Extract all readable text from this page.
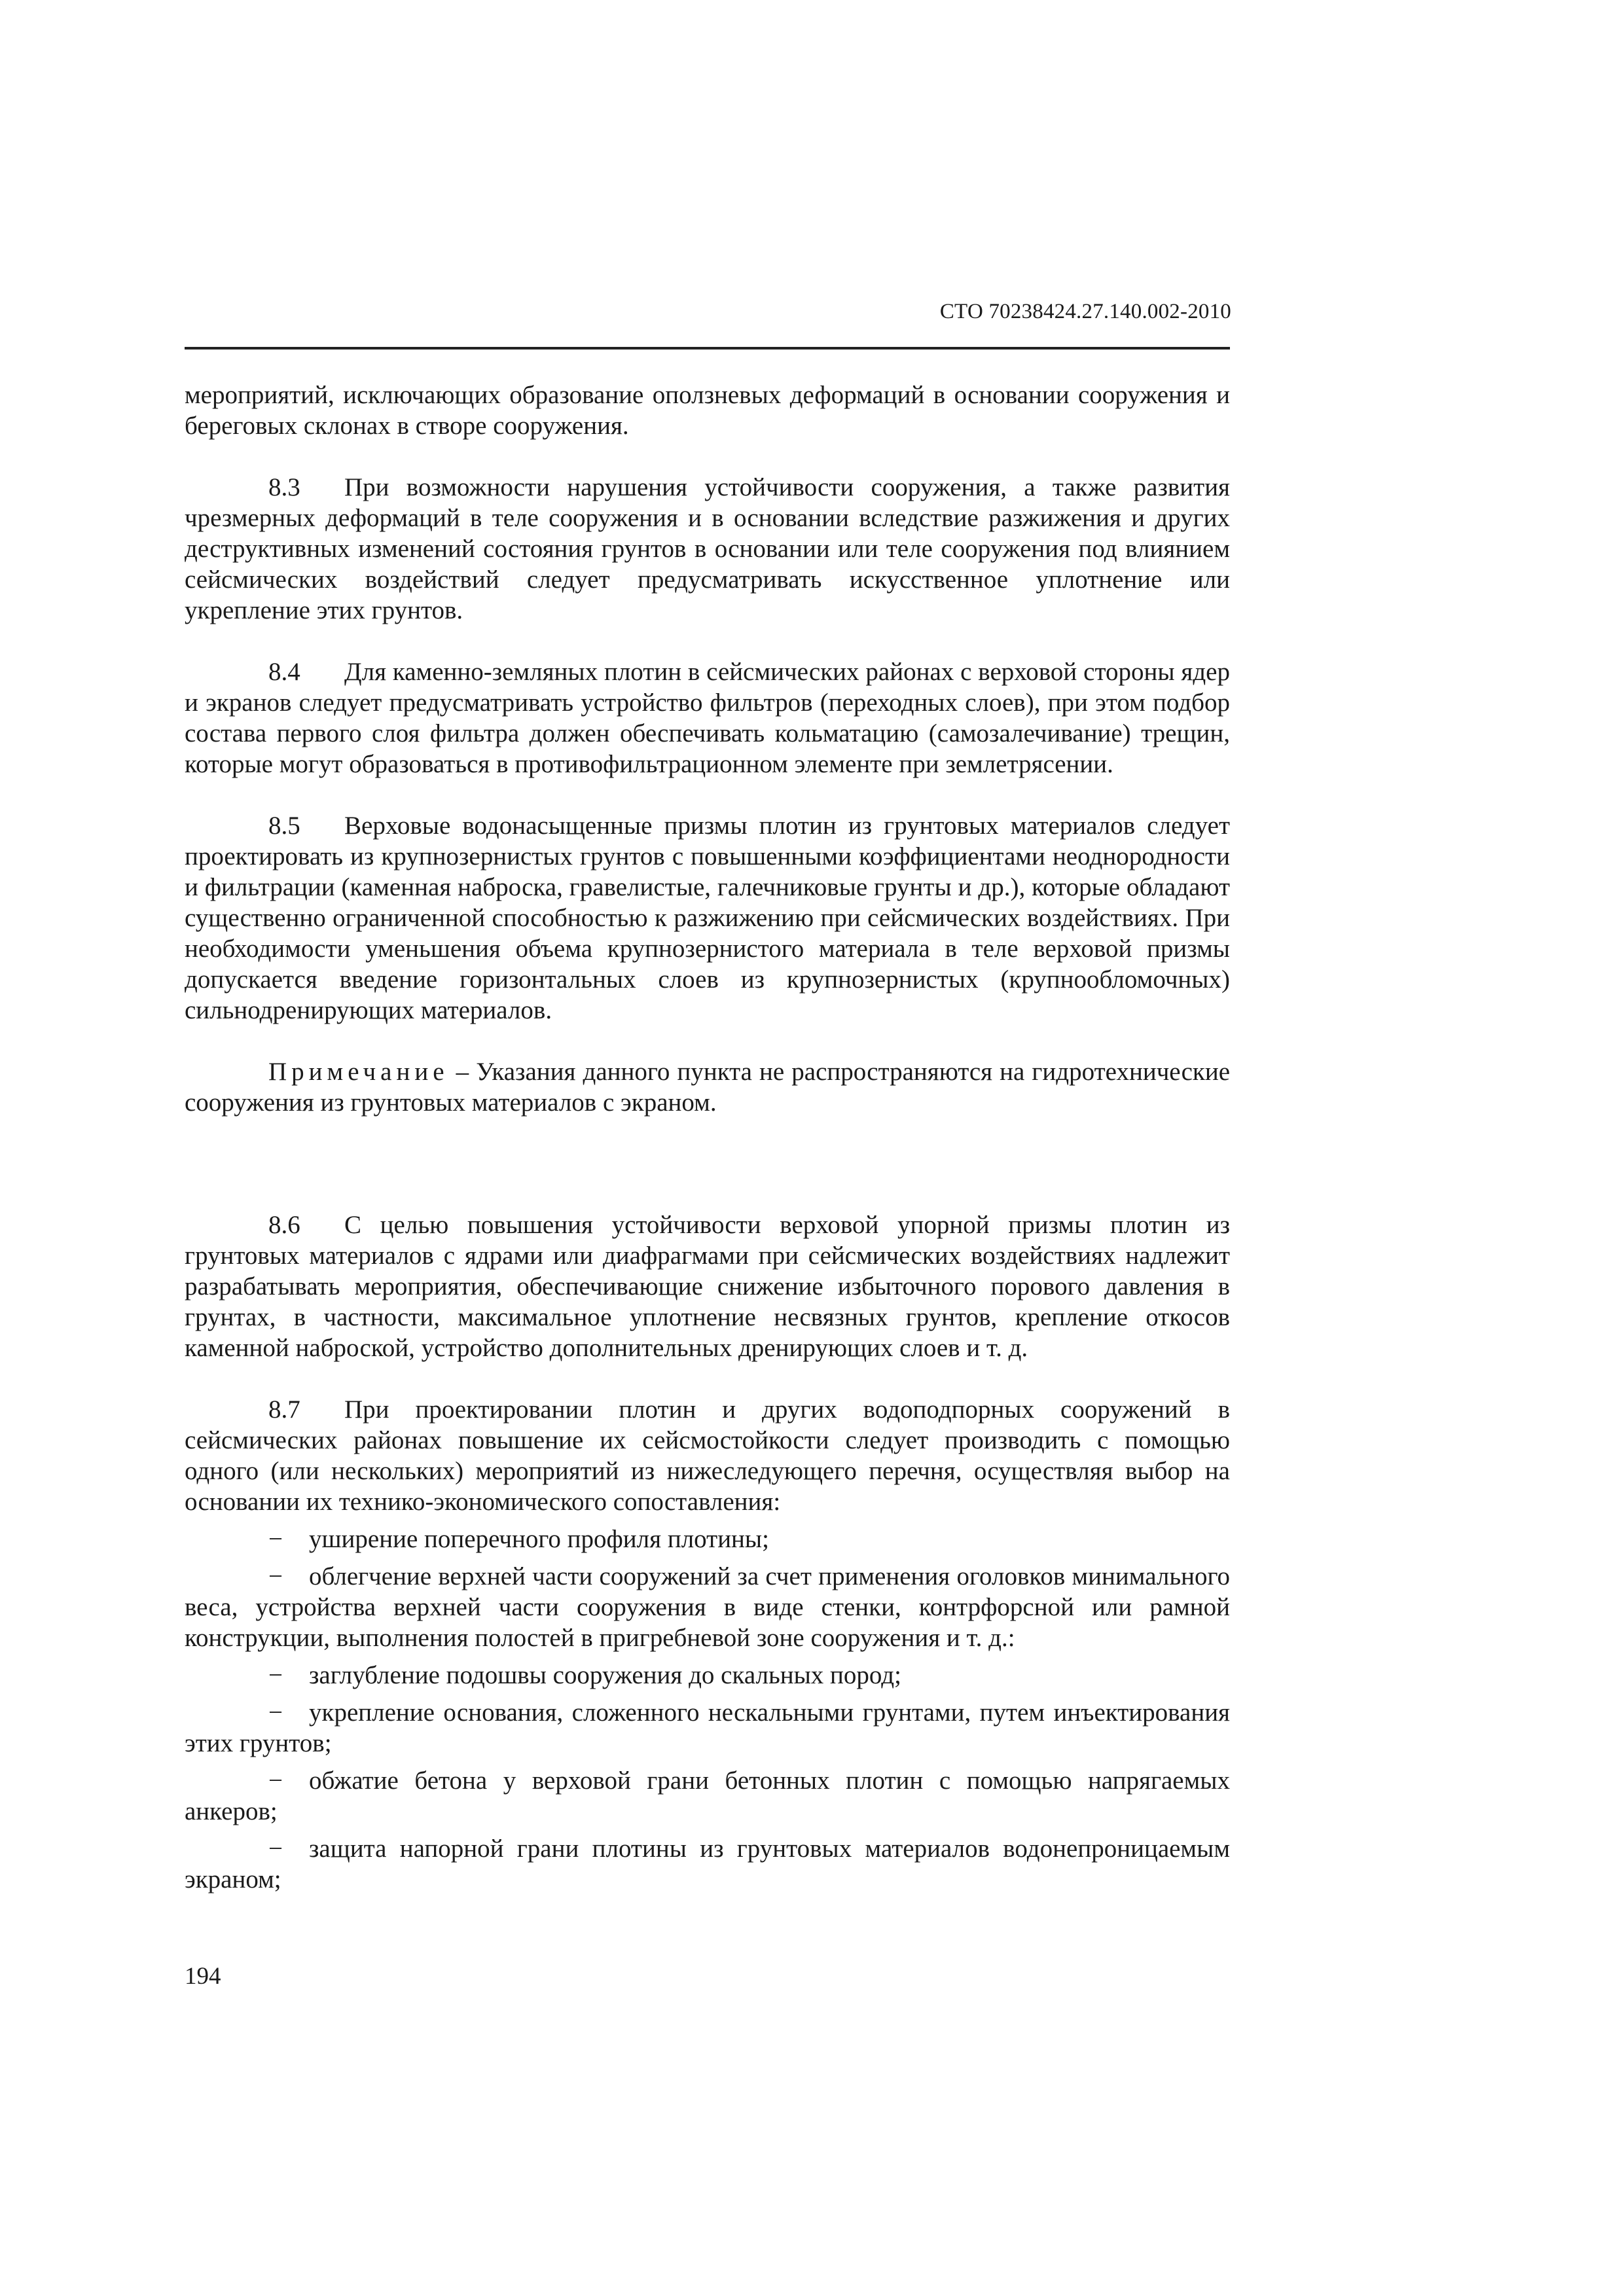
СТО 70238424.27.140.002-2010

мероприятий, исключающих образование оползневых деформаций в основании сооружения и береговых склонах в створе сооружения.

8.3 При возможности нарушения устойчивости сооружения, а также развития чрезмерных деформаций в теле сооружения и в основании вследствие разжижения и других деструктивных изменений состояния грунтов в основании или теле сооружения под влиянием сейсмических воздействий следует предусматривать искусственное уплотнение или укрепление этих грунтов.

8.4 Для каменно-земляных плотин в сейсмических районах с верховой стороны ядер и экранов следует предусматривать устройство фильтров (переходных слоев), при этом подбор состава первого слоя фильтра должен обеспечивать кольматацию (самозалечивание) трещин, которые могут образоваться в противофильтрационном элементе при землетрясении.

8.5 Верховые водонасыщенные призмы плотин из грунтовых материалов следует проектировать из крупнозернистых грунтов с повышенными коэффициентами неоднородности и фильтрации (каменная наброска, гравелистые, галечниковые грунты и др.), которые обладают существенно ограниченной способностью к разжижению при сейсмических воздействиях. При необходимости уменьшения объема крупнозернистого материала в теле верховой призмы допускается введение горизонтальных слоев из крупнозернистых (крупнообломочных) сильнодренирующих материалов.

Примечание – Указания данного пункта не распространяются на гидротехнические сооружения из грунтовых материалов с экраном.

8.6 С целью повышения устойчивости верховой упорной призмы плотин из грунтовых материалов с ядрами или диафрагмами при сейсмических воздействиях надлежит разрабатывать мероприятия, обеспечивающие снижение избыточного порового давления в грунтах, в частности, максимальное уплотнение несвязных грунтов, крепление откосов каменной наброской, устройство дополнительных дренирующих слоев и т. д.

8.7 При проектировании плотин и других водоподпорных сооружений в сейсмических районах повышение их сейсмостойкости следует производить с помощью одного (или нескольких) мероприятий из нижеследующего перечня, осуществляя выбор на основании их технико-экономического сопоставления:

− уширение поперечного профиля плотины;

− облегчение верхней части сооружений за счет применения оголовков минимального веса, устройства верхней части сооружения в виде стенки, контрфорсной или рамной конструкции, выполнения полостей в пригребневой зоне сооружения и т. д.:

− заглубление подошвы сооружения до скальных пород;

− укрепление основания, сложенного нескальными грунтами, путем инъектирования этих грунтов;

− обжатие бетона у верховой грани бетонных плотин с помощью напрягаемых анкеров;

− защита напорной грани плотины из грунтовых материалов водонепроницаемым экраном;

194
